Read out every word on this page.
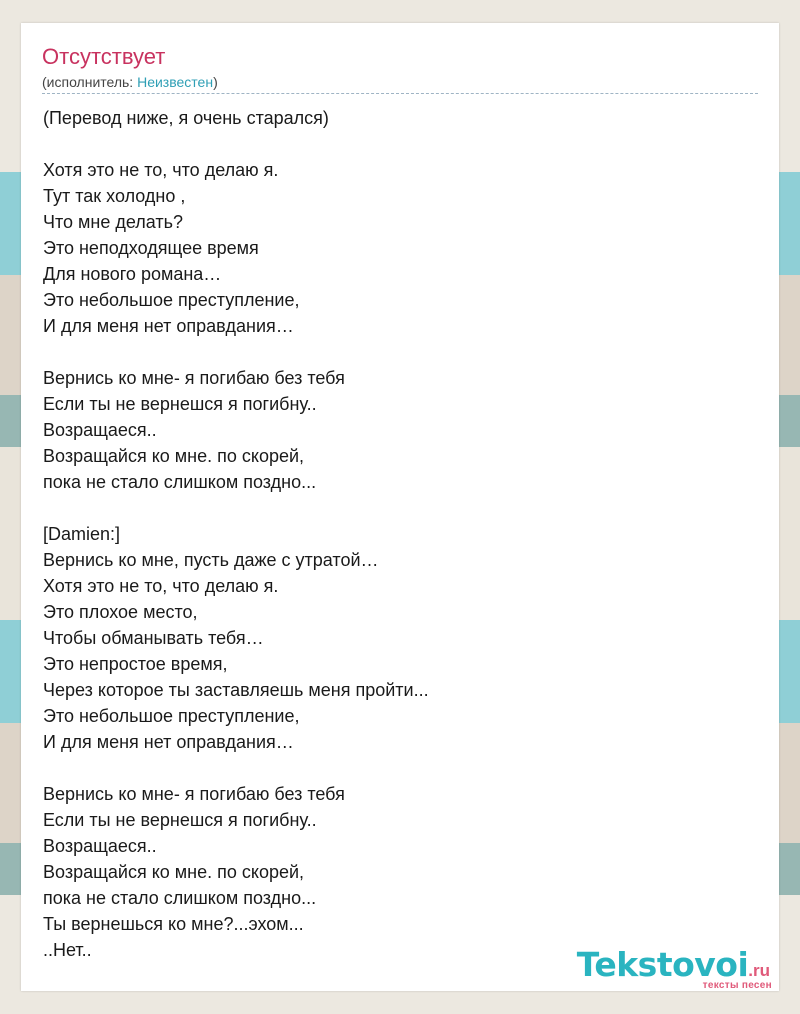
Отсутствует
(исполнитель: Неизвестен)
(Перевод ниже, я очень старался)
Хотя это не то, что делаю я.
Тут так холодно ,
Что мне делать?
Это неподходящее время
Для нового романа…
Это небольшое преступление,
И для меня нет оправдания…
Вернись ко мне- я погибаю без тебя
Если ты не вернешся я погибну..
Возращаеся..
Возращайся ко мне. по скорей,
пока не стало слишком поздно...
[Damien:]
Вернись ко мне, пусть даже с утратой…
Хотя это не то, что делаю я.
Это плохое место,
Чтобы обманывать тебя…
Это непростое время,
Через которое ты заставляешь меня пройти...
Это небольшое преступление,
И для меня нет оправдания…
Вернись ко мне- я погибаю без тебя
Если ты не вернешся я погибну..
Возращаеся..
Возращайся ко мне. по скорей,
пока не стало слишком поздно...
Ты вернешься ко мне?...эхом...
..Нет..	Tekstovoi.ru
тексты песен
